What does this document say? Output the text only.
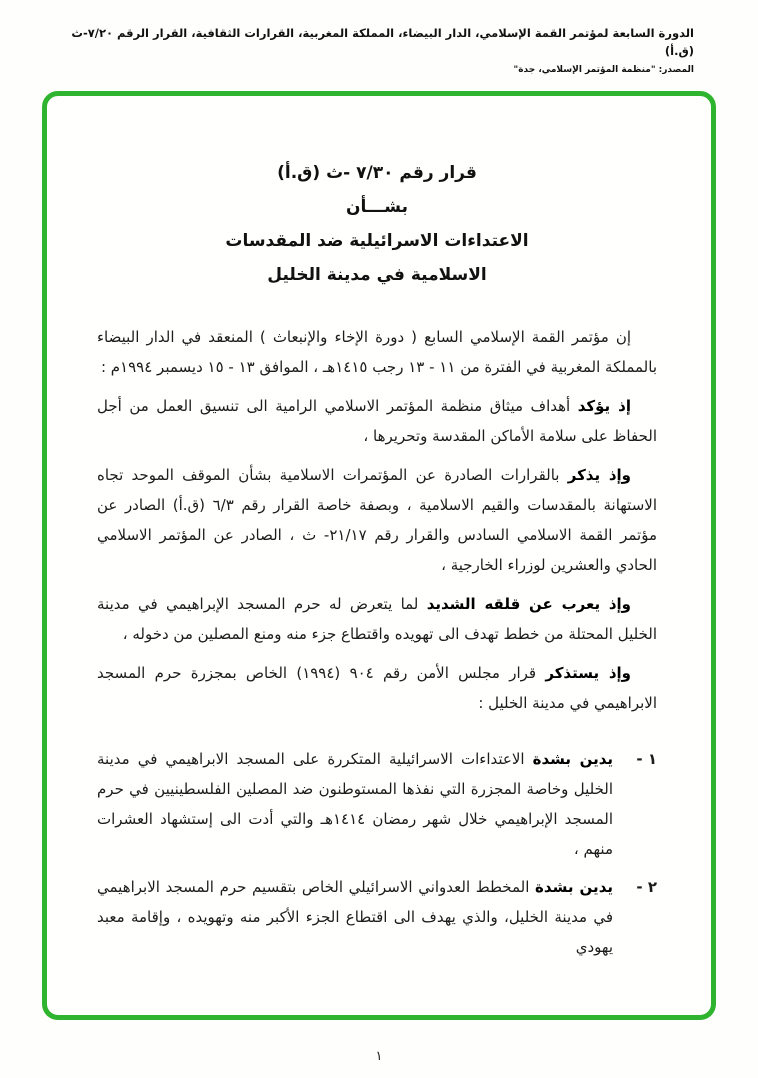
الدورة السابعة لمؤتمر القمة الإسلامي، الدار البيضاء، المملكة المغربية، القرارات الثقافية، القرار الرقم ٧/٢٠-ث (ق.أ)
المصدر: "منظمة المؤتمر الإسلامي، جدة"
قرار رقم ٧/٣٠ -ث (ق.أ)
بشـــأن
الاعتداءات الاسرائيلية ضد المقدسات
الاسلامية في مدينة الخليل

إن مؤتمر القمة الإسلامي السابع ( دورة الإخاء والإنبعاث ) المنعقد في الدار البيضاء بالمملكة المغربية في الفترة من ١١ - ١٣ رجب ١٤١٥هـ ، الموافق ١٣ - ١٥ ديسمبر ١٩٩٤م :

إذ يؤكد أهداف ميثاق منظمة المؤتمر الاسلامي الرامية الى تنسيق العمل من أجل الحفاظ على سلامة الأماكن المقدسة وتحريرها ،

وإذ يذكر بالقرارات الصادرة عن المؤتمرات الاسلامية بشأن الموقف الموحد تجاه الاستهانة بالمقدسات والقيم الاسلامية ، وبصفة خاصة القرار رقم ٦/٣ (ق.أ) الصادر عن مؤتمر القمة الاسلامي السادس والقرار رقم ٢١/١٧- ث ، الصادر عن المؤتمر الاسلامي الحادي والعشرين لوزراء الخارجية ،

وإذ يعرب عن قلقه الشديد لما يتعرض له حرم المسجد الإبراهيمي في مدينة الخليل المحتلة من خطط تهدف الى تهويده واقتطاع جزء منه ومنع المصلين من دخوله ،

وإذ يستذكر قرار مجلس الأمن رقم ٩٠٤ (١٩٩٤) الخاص بمجزرة حرم المسجد الابراهيمي في مدينة الخليل :

١ -

يدين بشدة الاعتداءات الاسرائيلية المتكررة على المسجد الابراهيمي في مدينة الخليل وخاصة المجزرة التي نفذها المستوطنون ضد المصلين الفلسطينيين في حرم المسجد الإبراهيمي خلال شهر رمضان ١٤١٤هـ والتي أدت الى إستشهاد العشرات منهم ،

٢ -

يدين بشدة المخطط العدواني الاسرائيلي الخاص بتقسيم حرم المسجد الابراهيمي في مدينة الخليل، والذي يهدف الى اقتطاع الجزء الأكبر منه وتهويده ، وإقامة معبد يهودي

١
